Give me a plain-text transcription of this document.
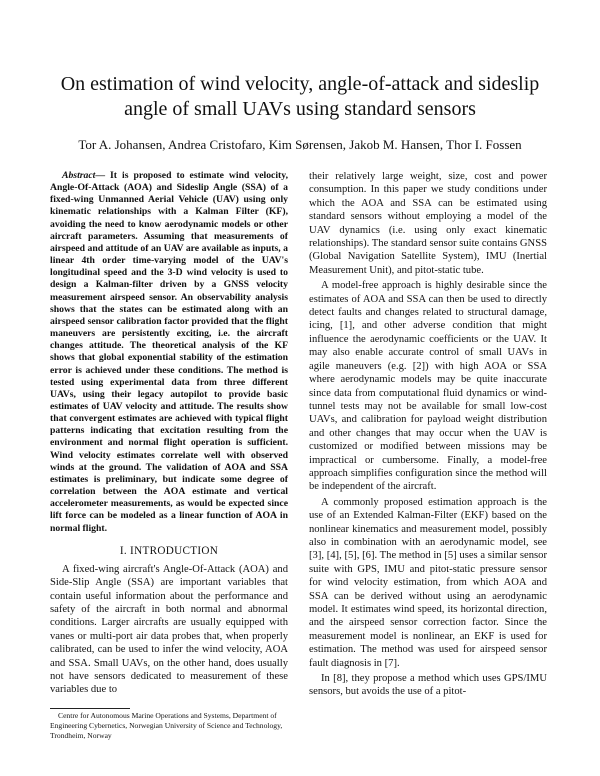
On estimation of wind velocity, angle-of-attack and sideslip angle of small UAVs using standard sensors

Tor A. Johansen, Andrea Cristofaro, Kim Sørensen, Jakob M. Hansen, Thor I. Fossen

Abstract— It is proposed to estimate wind velocity, Angle-Of-Attack (AOA) and Sideslip Angle (SSA) of a fixed-wing Unmanned Aerial Vehicle (UAV) using only kinematic relationships with a Kalman Filter (KF), avoiding the need to know aerodynamic models or other aircraft parameters. Assuming that measurements of airspeed and attitude of an UAV are available as inputs, a linear 4th order time-varying model of the UAV's longitudinal speed and the 3-D wind velocity is used to design a Kalman-filter driven by a GNSS velocity measurement airspeed sensor. An observability analysis shows that the states can be estimated along with an airspeed sensor calibration factor provided that the flight maneuvers are persistently exciting, i.e. the aircraft changes attitude. The theoretical analysis of the KF shows that global exponential stability of the estimation error is achieved under these conditions. The method is tested using experimental data from three different UAVs, using their legacy autopilot to provide basic estimates of UAV velocity and attitude. The results show that convergent estimates are achieved with typical flight patterns indicating that excitation resulting from the environment and normal flight operation is sufficient. Wind velocity estimates correlate well with observed winds at the ground. The validation of AOA and SSA estimates is preliminary, but indicate some degree of correlation between the AOA estimate and vertical accelerometer measurements, as would be expected since lift force can be modeled as a linear function of AOA in normal flight.

I. INTRODUCTION

A fixed-wing aircraft's Angle-Of-Attack (AOA) and Side-Slip Angle (SSA) are important variables that contain useful information about the performance and safety of the aircraft in both normal and abnormal conditions. Larger aircrafts are usually equipped with vanes or multi-port air data probes that, when properly calibrated, can be used to infer the wind velocity, AOA and SSA. Small UAVs, on the other hand, does usually not have sensors dedicated to measurement of these variables due to

their relatively large weight, size, cost and power consumption. In this paper we study conditions under which the AOA and SSA can be estimated using standard sensors without employing a model of the UAV dynamics (i.e. using only exact kinematic relationships). The standard sensor suite contains GNSS (Global Navigation Satellite System), IMU (Inertial Measurement Unit), and pitot-static tube.

A model-free approach is highly desirable since the estimates of AOA and SSA can then be used to directly detect faults and changes related to structural damage, icing, [1], and other adverse condition that might influence the aerodynamic coefficients or the UAV. It may also enable accurate control of small UAVs in agile maneuvers (e.g. [2]) with high AOA or SSA where aerodynamic models may be quite inaccurate since data from computational fluid dynamics or wind-tunnel tests may not be available for small low-cost UAVs, and calibration for payload weight distribution and other changes that may occur when the UAV is customized or modified between missions may be impractical or cumbersome. Finally, a model-free approach simplifies configuration since the method will be independent of the aircraft.

A commonly proposed estimation approach is the use of an Extended Kalman-Filter (EKF) based on the nonlinear kinematics and measurement model, possibly also in combination with an aerodynamic model, see [3], [4], [5], [6]. The method in [5] uses a similar sensor suite with GPS, IMU and pitot-static pressure sensor for wind velocity estimation, from which AOA and SSA can be derived without using an aerodynamic model. It estimates wind speed, its horizontal direction, and the airspeed sensor correction factor. Since the measurement model is nonlinear, an EKF is used for estimation. The method was used for airspeed sensor fault diagnosis in [7].

In [8], they propose a method which uses GPS/IMU sensors, but avoids the use of a pitot-

Centre for Autonomous Marine Operations and Systems, Department of Engineering Cybernetics, Norwegian University of Science and Technology, Trondheim, Norway
